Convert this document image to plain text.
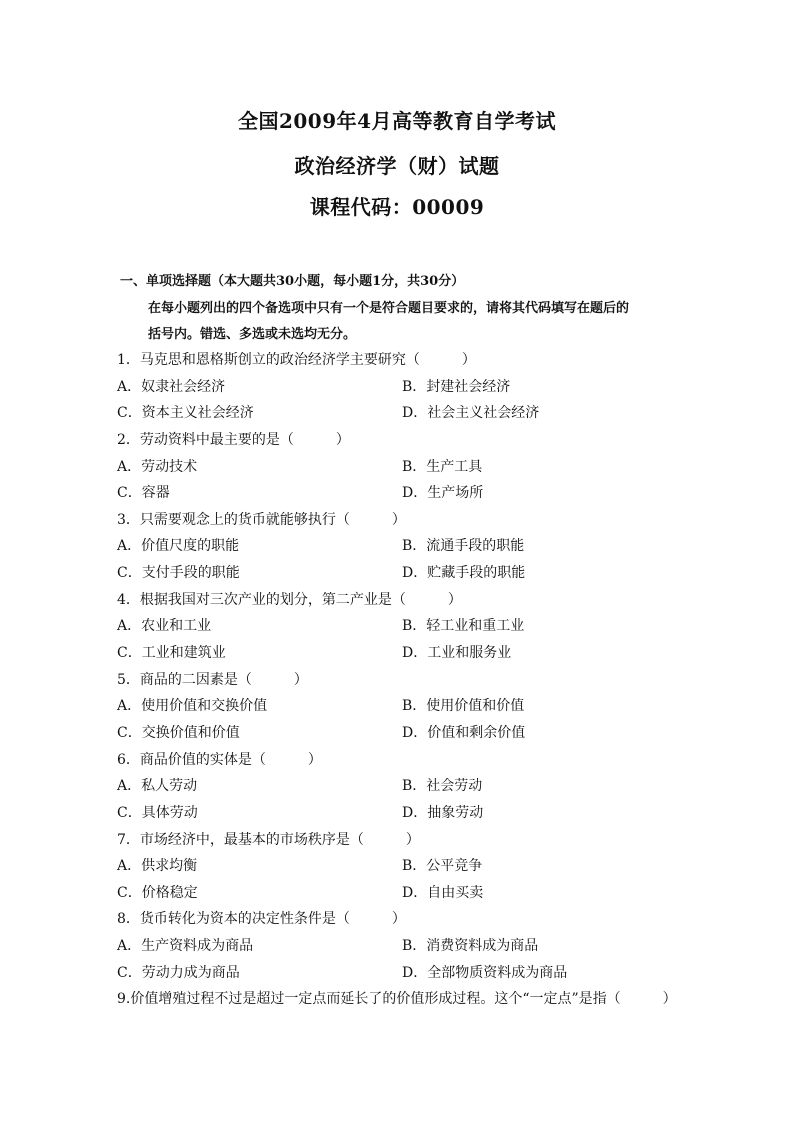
全国2009年4月高等教育自学考试
政治经济学（财）试题
课程代码：00009
一、单项选择题（本大题共30小题，每小题1分，共30分）
在每小题列出的四个备选项中只有一个是符合题目要求的，请将其代码填写在题后的
括号内。错选、多选或未选均无分。
1．马克思和恩格斯创立的政治经济学主要研究（　　　）
A．奴隶社会经济	B．封建社会经济
C．资本主义社会经济	D．社会主义社会经济
2．劳动资料中最主要的是（　　　）
A．劳动技术	B．生产工具
C．容器	D．生产场所
3．只需要观念上的货币就能够执行（　　　）
A．价值尺度的职能	B．流通手段的职能
C．支付手段的职能	D．贮藏手段的职能
4．根据我国对三次产业的划分，第二产业是（　　　）
A．农业和工业	B．轻工业和重工业
C．工业和建筑业	D．工业和服务业
5．商品的二因素是（　　　）
A．使用价值和交换价值	B．使用价值和价值
C．交换价值和价值	D．价值和剩余价值
6．商品价值的实体是（　　　）
A．私人劳动	B．社会劳动
C．具体劳动	D．抽象劳动
7．市场经济中，最基本的市场秩序是（　　　）
A．供求均衡	B．公平竞争
C．价格稳定	D．自由买卖
8．货币转化为资本的决定性条件是（　　　）
A．生产资料成为商品	B．消费资料成为商品
C．劳动力成为商品	D．全部物质资料成为商品
9.价值增殖过程不过是超过一定点而延长了的价值形成过程。这个“一定点”是指（　　　）
